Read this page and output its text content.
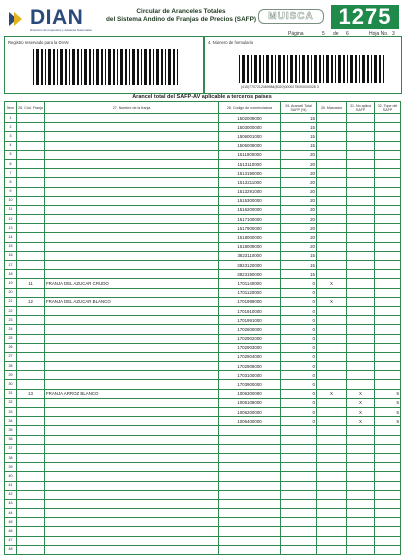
DIAN
Dirección de Impuestos y Aduanas Nacionales
Circular de Aranceles Totales
del Sistema Andino de Franjas de Precios (SAFP)	MUISCA	1275
Página	5 de 6	Hoja No. 3
Registro reservado para la DIAN	4. Número de formulario
(415)7707212489984(8020)0000275000000328 3
Arancel total del SAFP-AV aplicable a terceros países
Ítem	26. Cód. Franja	27. Nombre de la franja	28. Código de nomenclatura	29. Arancel Total SAFP (%)	30. Marcador	31. No aplica SAFP	32. Tope del SAFP
1			1502009000	15			
2			1503000000	15			
3			1506001000	15			
4			1506009000	15			
5			1511900000	20			
6			1513110000	20			
7			1513190000	20			
8			1513211000	20			
9			1513291000	20			
10			1515300000	20			
11			1516200000	20			
12			1517100000	20			
13			1517900000	20			
14			1518000000	20			
15			1518009000	20			
16			3823110000	15			
17			3823120000	15			
18			3823190000	15			
19	11	FRANJA DEL AZUCAR CRUDO	1701140000	0	X		
20			1701120000	0			
21	12	FRANJA DEL AZUCAR BLANCO	1701999000	0	X		
22			1701910000	0			
23			1701991000	0			
24			1702600000	0			
25			1702902000	0			
26			1702903000	0			
27			1702904000	0			
28			1702909000	0			
29			1703100000	0			
30			1703900000	0			
31	13	FRANJA ARROZ BLANCO	1006300090	0	X	X	5
32			1006109000	0		X	5
33			1006200000	0		X	5
34			1006400000	0		X	5
35							
36							
37							
38							
39							
40							
41							
42							
43							
44							
45							
46							
47							
48							
